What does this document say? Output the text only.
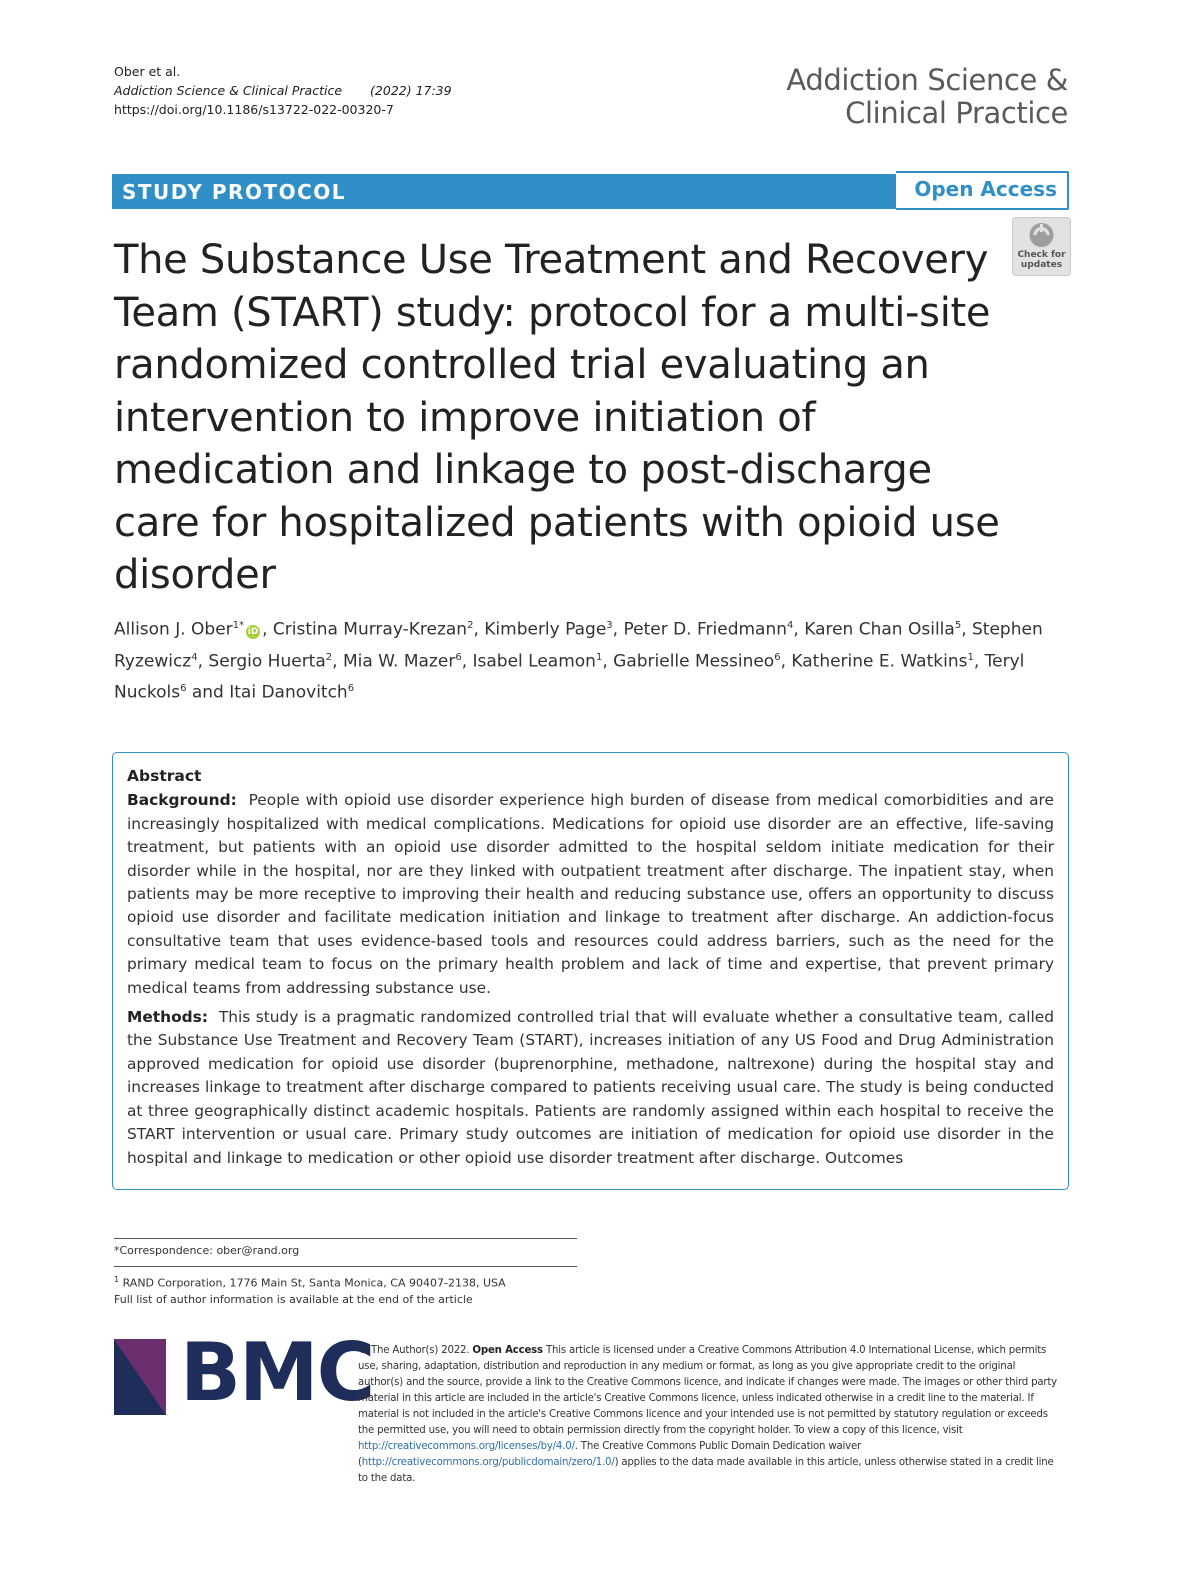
Ober et al.
Addiction Science & Clinical Practice (2022) 17:39
https://doi.org/10.1186/s13722-022-00320-7
Addiction Science &
Clinical Practice
STUDY PROTOCOL	Open Access
Check for
updates
The Substance Use Treatment and Recovery Team (START) study: protocol for a multi-site randomized controlled trial evaluating an intervention to improve initiation of medication and linkage to post-discharge care for hospitalized patients with opioid use disorder
Allison J. Ober$^{1*}$iD , Cristina Murray-Krezan$^2$, Kimberly Page$^3$, Peter D. Friedmann$^4$, Karen Chan Osilla$^5$, Stephen Ryzewicz$^4$, Sergio Huerta$^2$, Mia W. Mazer$^6$, Isabel Leamon$^1$, Gabrielle Messineo$^6$, Katherine E. Watkins$^1$, Teryl Nuckols$^6$ and Itai Danovitch$^6$
Abstract

Background: People with opioid use disorder experience high burden of disease from medical comorbidities and are increasingly hospitalized with medical complications. Medications for opioid use disorder are an effective, life-saving treatment, but patients with an opioid use disorder admitted to the hospital seldom initiate medication for their disorder while in the hospital, nor are they linked with outpatient treatment after discharge. The inpatient stay, when patients may be more receptive to improving their health and reducing substance use, offers an opportunity to discuss opioid use disorder and facilitate medication initiation and linkage to treatment after discharge. An addiction-focus consultative team that uses evidence-based tools and resources could address barriers, such as the need for the primary medical team to focus on the primary health problem and lack of time and expertise, that prevent primary medical teams from addressing substance use.

Methods: This study is a pragmatic randomized controlled trial that will evaluate whether a consultative team, called the Substance Use Treatment and Recovery Team (START), increases initiation of any US Food and Drug Administration approved medication for opioid use disorder (buprenorphine, methadone, naltrexone) during the hospital stay and increases linkage to treatment after discharge compared to patients receiving usual care. The study is being conducted at three geographically distinct academic hospitals. Patients are randomly assigned within each hospital to receive the START intervention or usual care. Primary study outcomes are initiation of medication for opioid use disorder in the hospital and linkage to medication or other opioid use disorder treatment after discharge. Outcomes

*Correspondence: ober@rand.org
$^1$ RAND Corporation, 1776 Main St, Santa Monica, CA 90407-2138, USA
Full list of author information is available at the end of the article
BMC
© The Author(s) 2022. Open Access This article is licensed under a Creative Commons Attribution 4.0 International License, which permits use, sharing, adaptation, distribution and reproduction in any medium or format, as long as you give appropriate credit to the original author(s) and the source, provide a link to the Creative Commons licence, and indicate if changes were made. The images or other third party material in this article are included in the article's Creative Commons licence, unless indicated otherwise in a credit line to the material. If material is not included in the article's Creative Commons licence and your intended use is not permitted by statutory regulation or exceeds the permitted use, you will need to obtain permission directly from the copyright holder. To view a copy of this licence, visit http://creativecommons.org/licenses/by/4.0/. The Creative Commons Public Domain Dedication waiver (http://creativecommons.org/publicdomain/zero/1.0/) applies to the data made available in this article, unless otherwise stated in a credit line to the data.
